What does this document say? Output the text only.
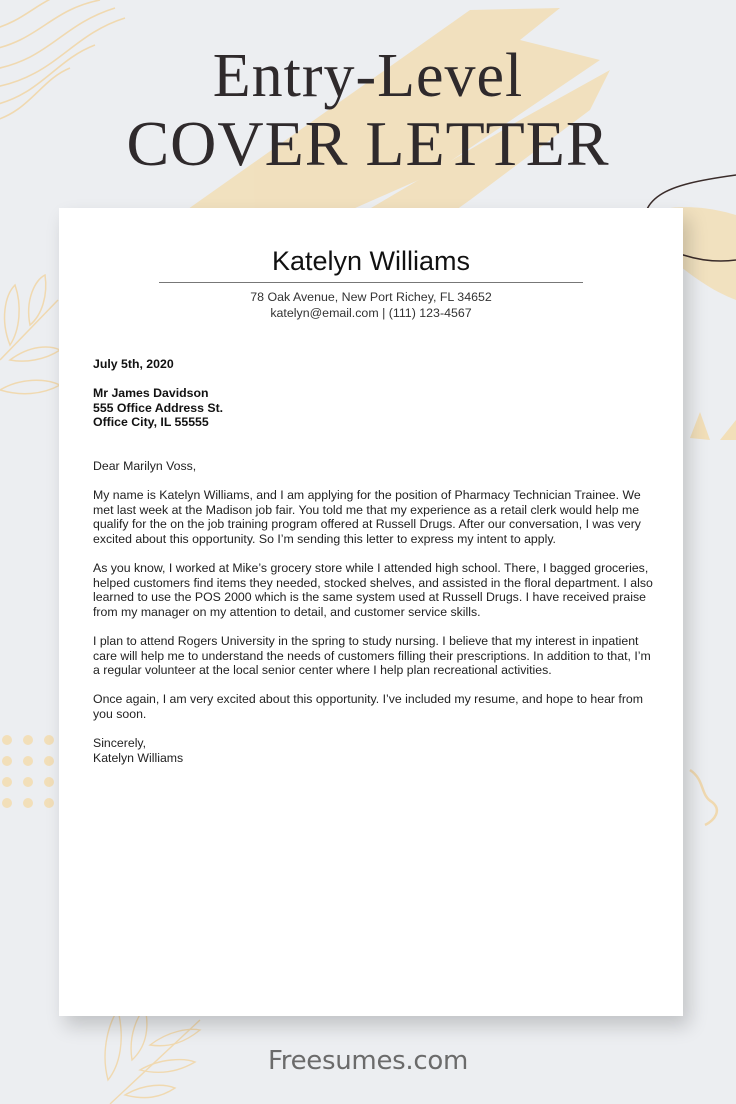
Entry-Level
COVER LETTER
Katelyn Williams
78 Oak Avenue, New Port Richey, FL 34652
katelyn@email.com | (111) 123-4567

July 5th, 2020

Mr James Davidson
555 Office Address St.
Office City, IL 55555

Dear Marilyn Voss,

My name is Katelyn Williams, and I am applying for the position of Pharmacy Technician Trainee. We met last week at the Madison job fair. You told me that my experience as a retail clerk would help me qualify for the on the job training program offered at Russell Drugs. After our conversation, I was very excited about this opportunity. So I’m sending this letter to express my intent to apply.

As you know, I worked at Mike’s grocery store while I attended high school. There, I bagged groceries, helped customers find items they needed, stocked shelves, and assisted in the floral department. I also learned to use the POS 2000 which is the same system used at Russell Drugs. I have received praise from my manager on my attention to detail, and customer service skills.

I plan to attend Rogers University in the spring to study nursing. I believe that my interest in inpatient care will help me to understand the needs of customers filling their prescriptions. In addition to that, I’m a regular volunteer at the local senior center where I help plan recreational activities.

Once again, I am very excited about this opportunity. I’ve included my resume, and hope to hear from you soon.

Sincerely,
Katelyn Williams

Freesumes.com
